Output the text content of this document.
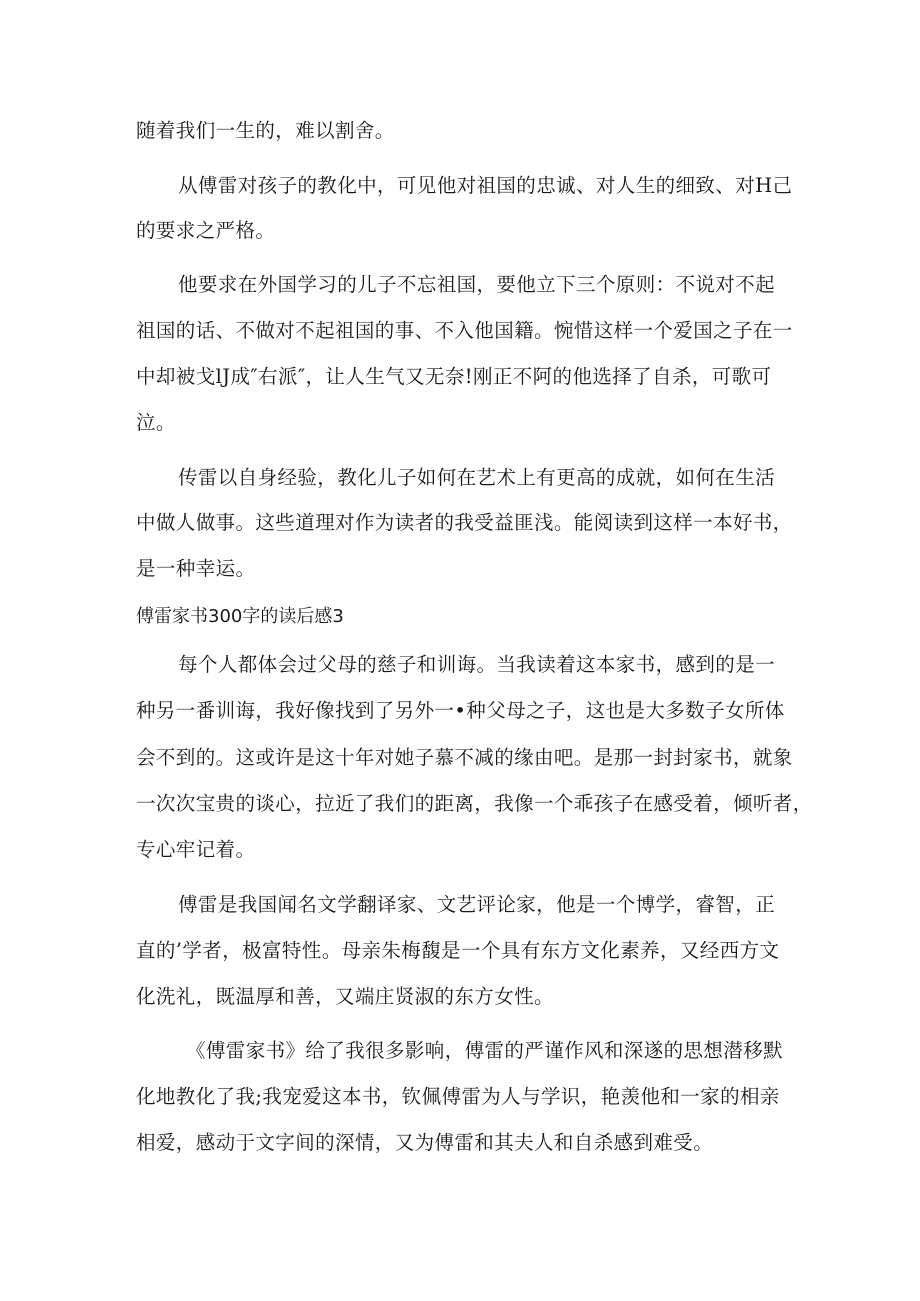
随着我们一生的，难以割舍。
从傅雷对孩子的教化中，可见他对祖国的忠诚、对人生的细致、对H己
的要求之严格。
他要求在外国学习的儿子不忘祖国，要他立下三个原则：不说对不起
祖国的话、不做对不起祖国的事、不入他国籍。惋惜这样一个爱国之子在一
中却被戈lJ成″右派″，让人生气又无奈!刚正不阿的他选择了自杀，可歌可
泣。
传雷以自身经验，教化儿子如何在艺术上有更高的成就，如何在生活
中做人做事。这些道理对作为读者的我受益匪浅。能阅读到这样一本好书，
是一种幸运。
傅雷家书300字的读后感3
每个人都体会过父母的慈子和训诲。当我读着这本家书，感到的是一
种另一番训诲，我好像找到了另外一•种父母之子，这也是大多数子女所体
会不到的。这或许是这十年对她子慕不减的缘由吧。是那一封封家书，就象
一次次宝贵的谈心，拉近了我们的距离，我像一个乖孩子在感受着，倾听者，
专心牢记着。
傅雷是我国闻名文学翻译家、文艺评论家，他是一个博学，睿智，正
直的’学者，极富特性。母亲朱梅馥是一个具有东方文化素养，又经西方文
化洗礼，既温厚和善，又端庄贤淑的东方女性。
《傅雷家书》给了我很多影响，傅雷的严谨作风和深遂的思想潜移默
化地教化了我;我宠爱这本书，钦佩傅雷为人与学识，艳羡他和一家的相亲
相爱，感动于文字间的深情，又为傅雷和其夫人和自杀感到难受。
